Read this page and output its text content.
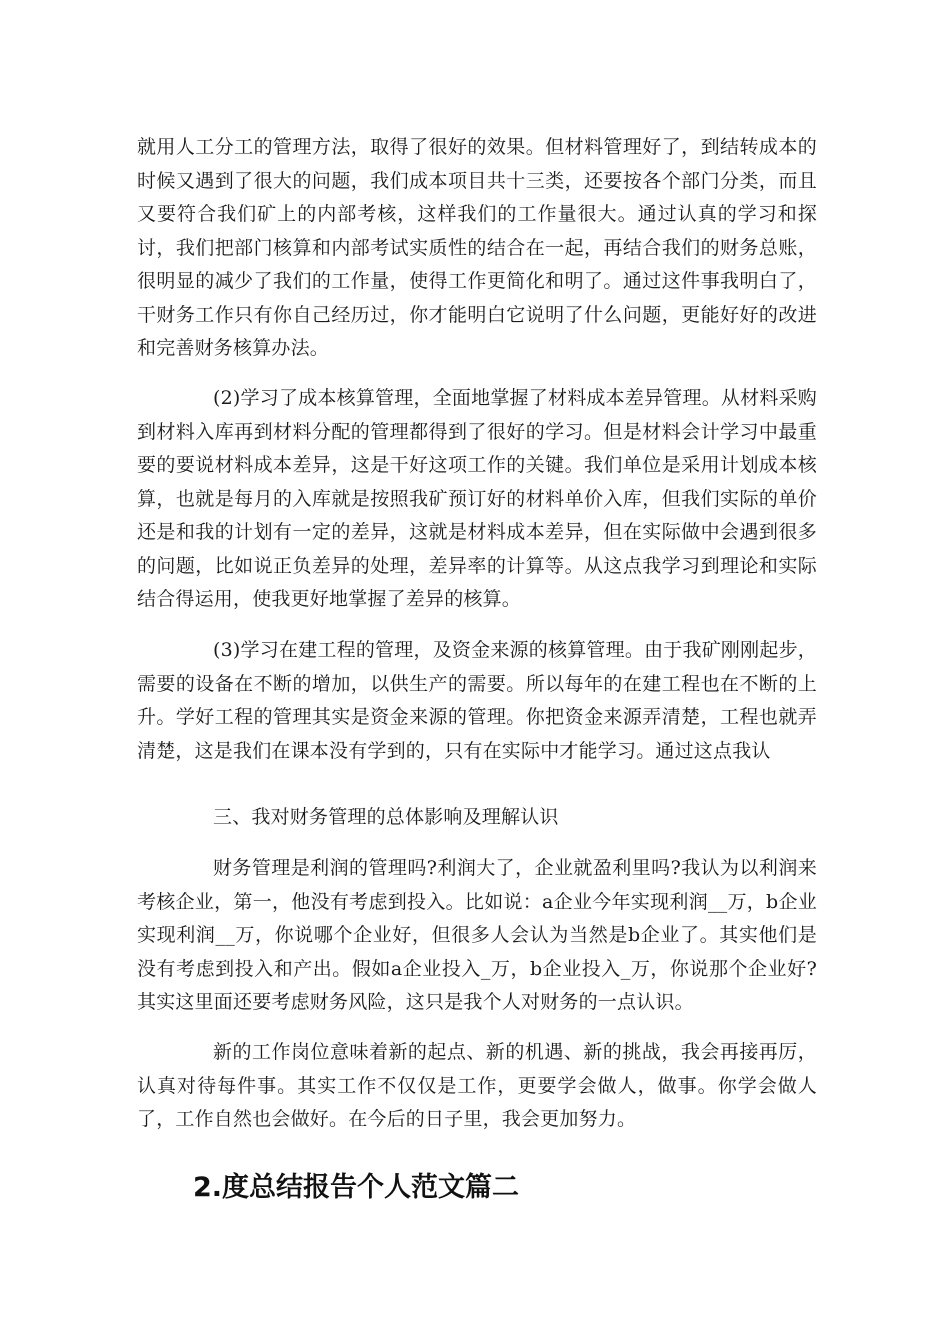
就用人工分工的管理方法，取得了很好的效果。但材料管理好了，到结转成本的时候又遇到了很大的问题，我们成本项目共十三类，还要按各个部门分类，而且又要符合我们矿上的内部考核，这样我们的工作量很大。通过认真的学习和探讨，我们把部门核算和内部考试实质性的结合在一起，再结合我们的财务总账，很明显的减少了我们的工作量，使得工作更简化和明了。通过这件事我明白了，干财务工作只有你自己经历过，你才能明白它说明了什么问题，更能好好的改进和完善财务核算办法。

(2)学习了成本核算管理，全面地掌握了材料成本差异管理。从材料采购到材料入库再到材料分配的管理都得到了很好的学习。但是材料会计学习中最重要的要说材料成本差异，这是干好这项工作的关键。我们单位是采用计划成本核算，也就是每月的入库就是按照我矿预订好的材料单价入库，但我们实际的单价还是和我的计划有一定的差异，这就是材料成本差异，但在实际做中会遇到很多的问题，比如说正负差异的处理，差异率的计算等。从这点我学习到理论和实际结合得运用，使我更好地掌握了差异的核算。

(3)学习在建工程的管理，及资金来源的核算管理。由于我矿刚刚起步，需要的设备在不断的增加，以供生产的需要。所以每年的在建工程也在不断的上升。学好工程的管理其实是资金来源的管理。你把资金来源弄清楚，工程也就弄清楚，这是我们在课本没有学到的，只有在实际中才能学习。通过这点我认

三、我对财务管理的总体影响及理解认识

财务管理是利润的管理吗?利润大了，企业就盈利里吗?我认为以利润来考核企业，第一，他没有考虑到投入。比如说：a企业今年实现利润__万，b企业实现利润__万，你说哪个企业好，但很多人会认为当然是b企业了。其实他们是没有考虑到投入和产出。假如a企业投入_万，b企业投入_万，你说那个企业好?其实这里面还要考虑财务风险，这只是我个人对财务的一点认识。

新的工作岗位意味着新的起点、新的机遇、新的挑战，我会再接再厉，认真对待每件事。其实工作不仅仅是工作，更要学会做人，做事。你学会做人了，工作自然也会做好。在今后的日子里，我会更加努力。

2.度总结报告个人范文篇二
